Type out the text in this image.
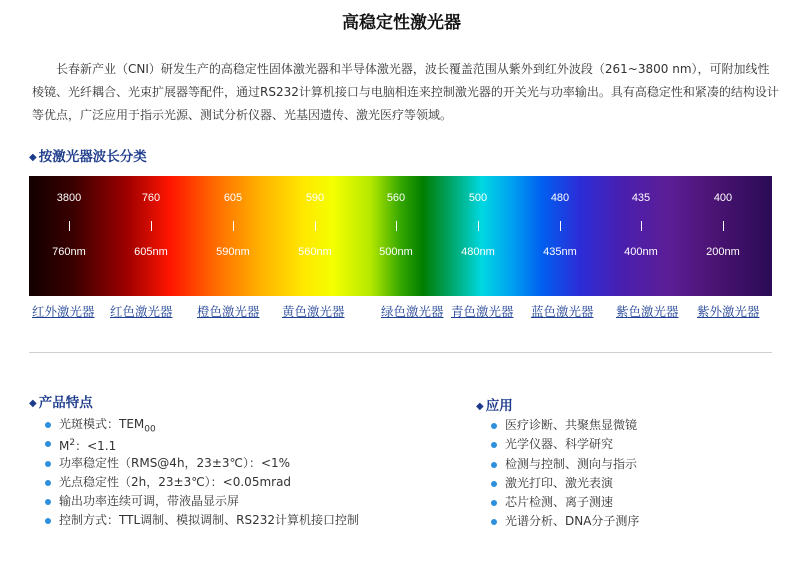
高稳定性激光器
长春新产业（CNI）研发生产的高稳定性固体激光器和半导体激光器，波长覆盖范围从紫外到红外波段（261~3800 nm），可附加线性棱镜、光纤耦合、光束扩展器等配件，通过RS232计算机接口与电脑相连来控制激光器的开关光与功率输出。具有高稳定性和紧凑的结构设计等优点，广泛应用于指示光源、测试分析仪器、光基因遗传、激光医疗等领域。
◆ 按激光器波长分类
3800
760nm
760
605nm
605
590nm
590
560nm
560
500nm
500
480nm
480
435nm
435
400nm
400
200nm
红外激光器 红色激光器 橙色激光器 黄色激光器	绿色激光器 青色激光器 蓝色激光器 紫色激光器 紫外激光器
◆ 产品特点
光斑模式：$TEM_{00}$
$M^2$：<1.1
功率稳定性（RMS@4h，23±3℃）：<1%
光点稳定性（2h，23±3℃）：<0.05mrad
输出功率连续可调，带液晶显示屏
控制方式：TTL调制、模拟调制、RS232计算机接口控制
◆ 应用
医疗诊断、共聚焦显微镜
光学仪器、科学研究
检测与控制、测向与指示
激光打印、激光表演
芯片检测、离子测速
光谱分析、DNA分子测序
